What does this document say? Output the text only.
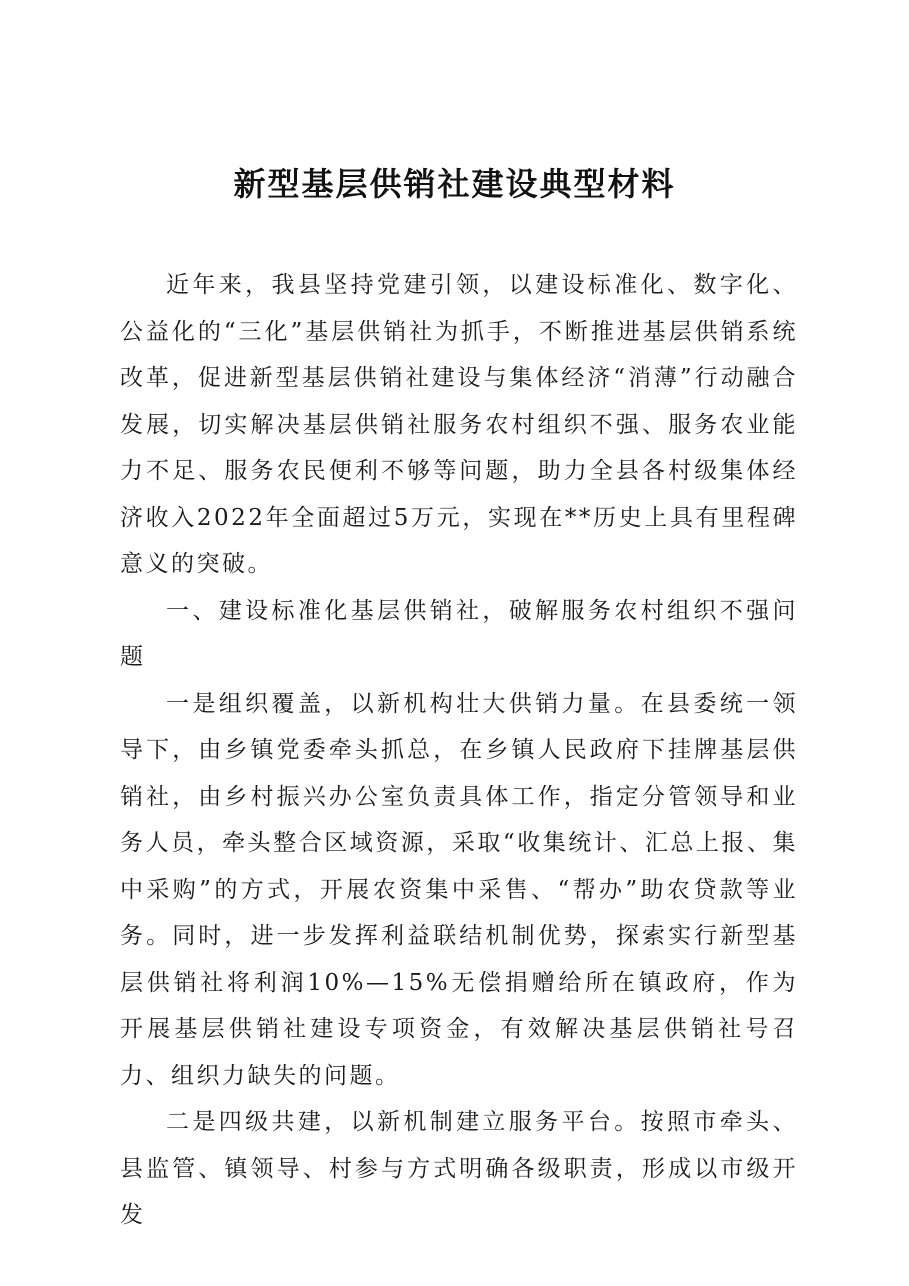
新型基层供销社建设典型材料

近年来，我县坚持党建引领，以建设标准化、数字化、公益化的“三化”基层供销社为抓手，不断推进基层供销系统改革，促进新型基层供销社建设与集体经济“消薄”行动融合发展，切实解决基层供销社服务农村组织不强、服务农业能力不足、服务农民便利不够等问题，助力全县各村级集体经济收入2022年全面超过5万元，实现在**历史上具有里程碑意义的突破。

一、建设标准化基层供销社，破解服务农村组织不强问题

一是组织覆盖，以新机构壮大供销力量。在县委统一领导下，由乡镇党委牵头抓总，在乡镇人民政府下挂牌基层供销社，由乡村振兴办公室负责具体工作，指定分管领导和业务人员，牵头整合区域资源，采取“收集统计、汇总上报、集中采购”的方式，开展农资集中采售、“帮办”助农贷款等业务。同时，进一步发挥利益联结机制优势，探索实行新型基层供销社将利润10%—15%无偿捐赠给所在镇政府，作为开展基层供销社建设专项资金，有效解决基层供销社号召力、组织力缺失的问题。

二是四级共建，以新机制建立服务平台。按照市牵头、县监管、镇领导、村参与方式明确各级职责，形成以市级开发
